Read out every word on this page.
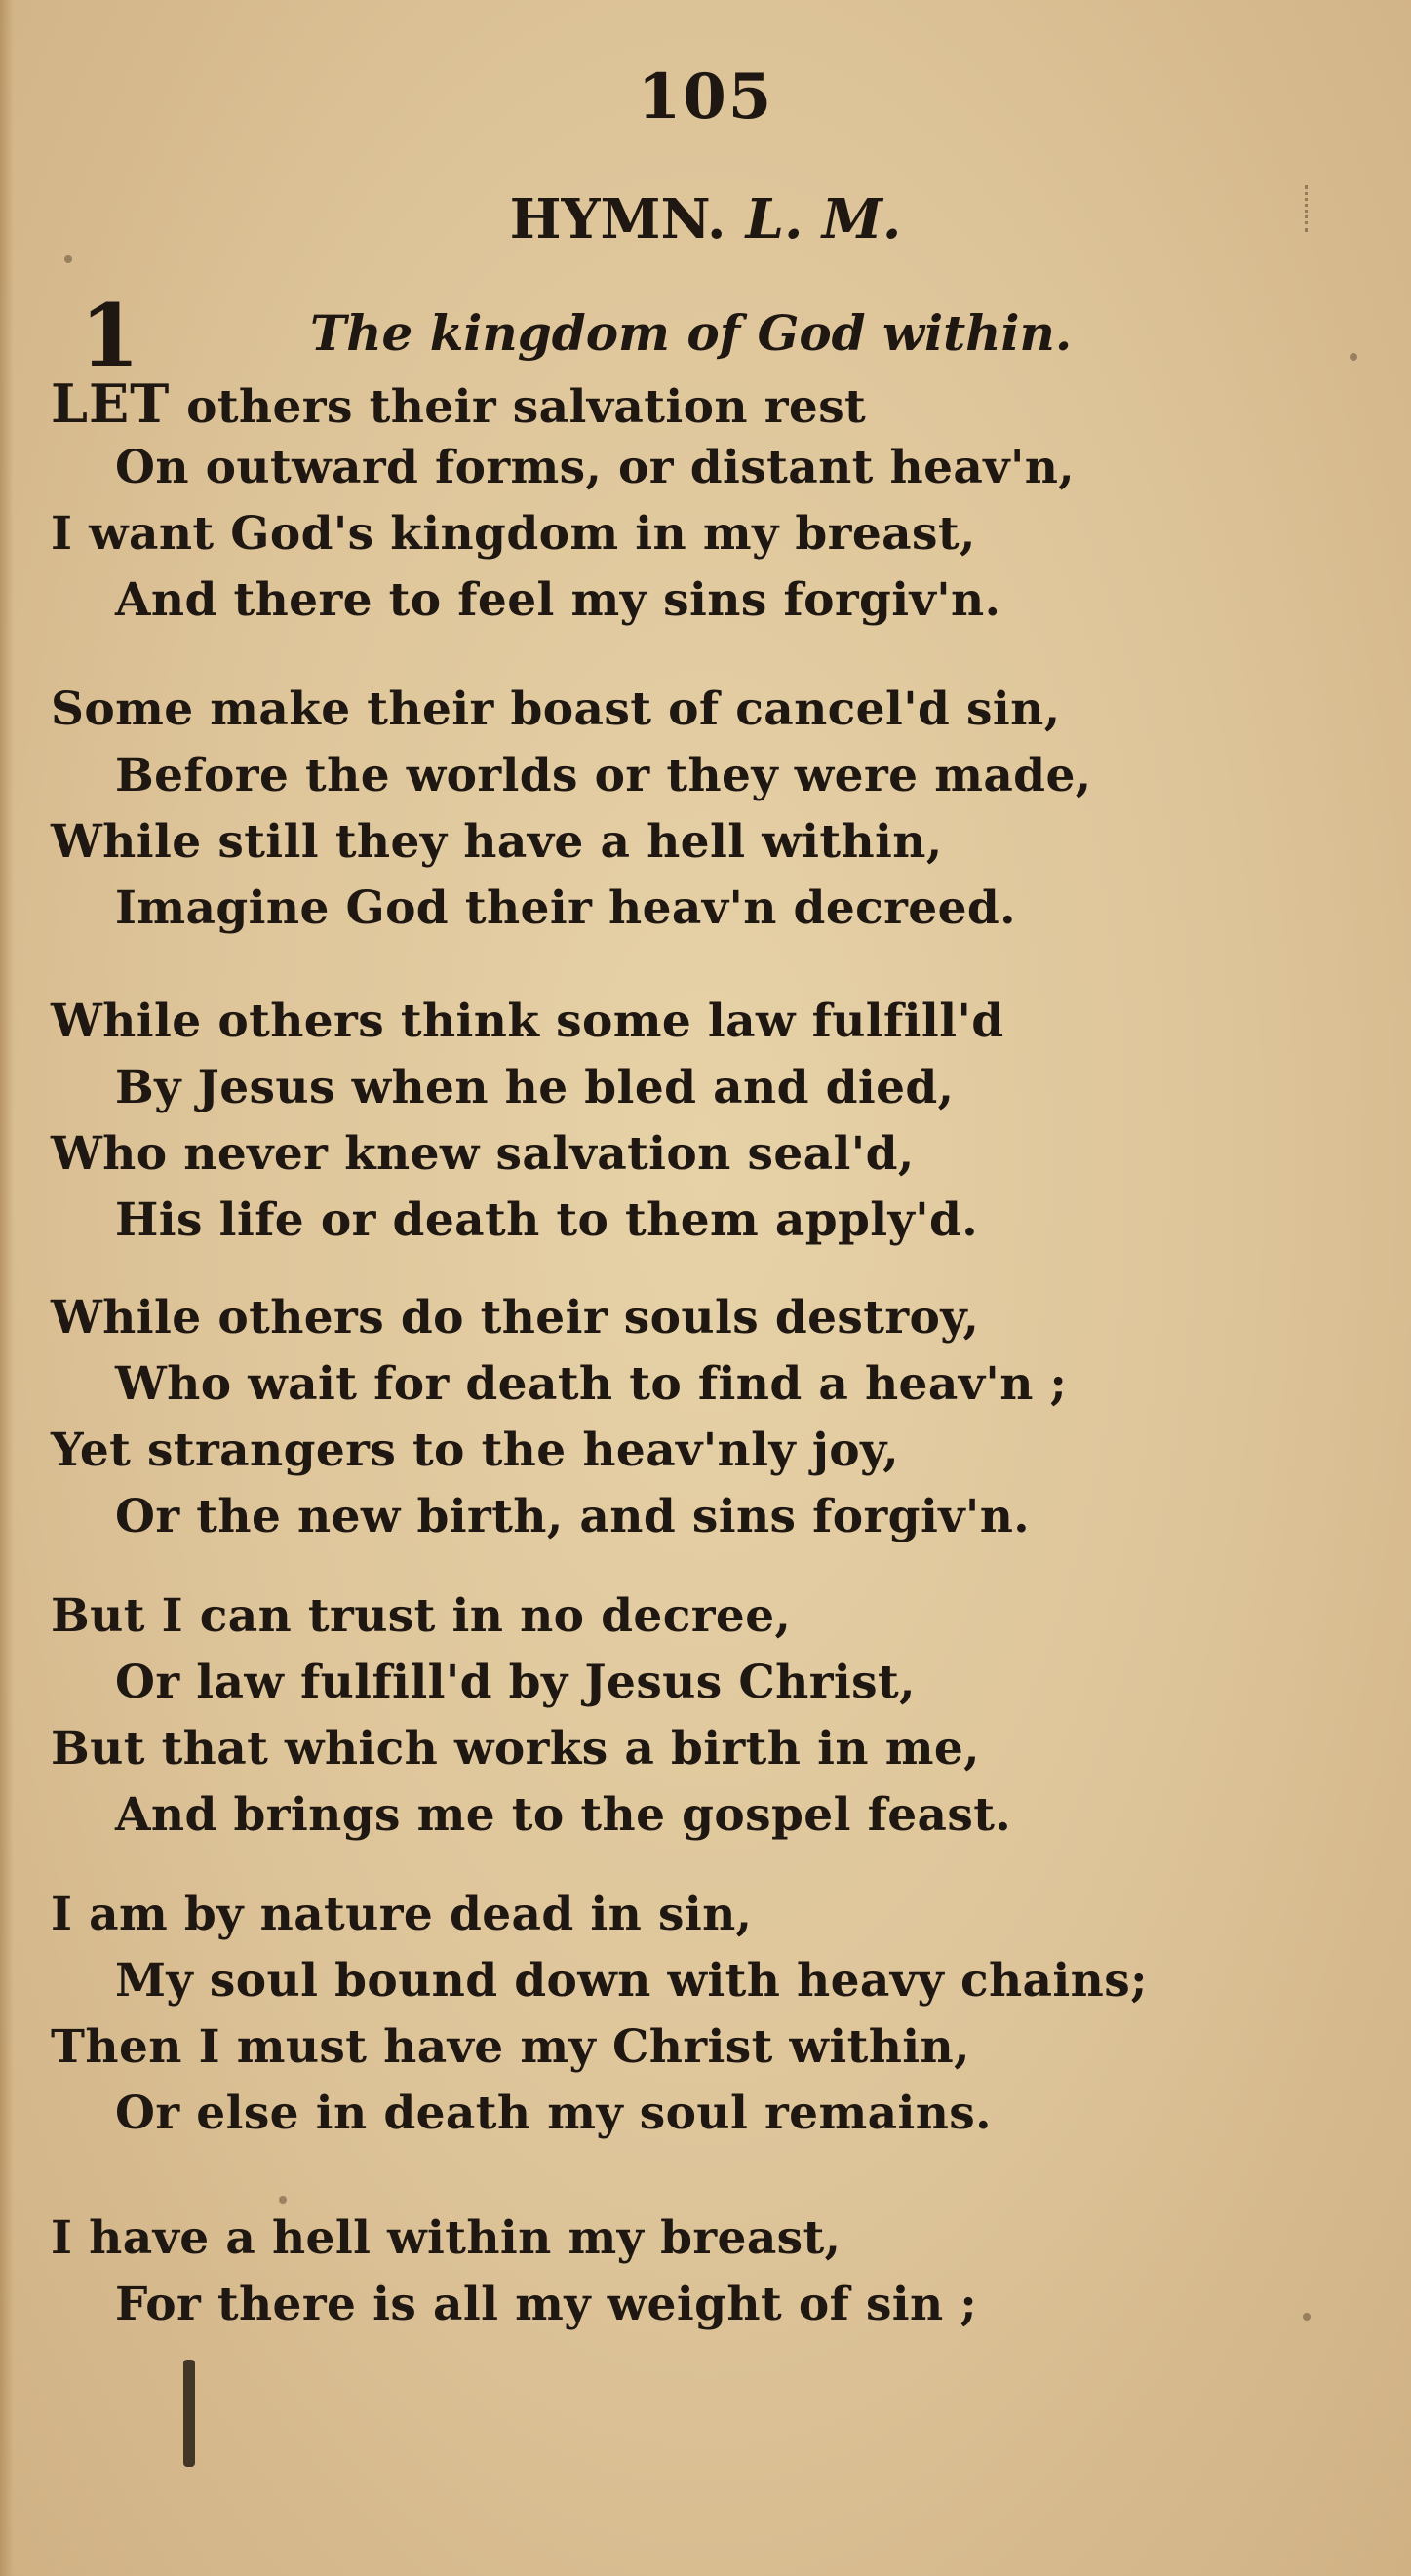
105
HYMN. L. M.
1	The kingdom of God within.
LET others their salvation rest
On outward forms, or distant heav'n,
I want God's kingdom in my breast,
And there to feel my sins forgiv'n.
Some make their boast of cancel'd sin,
Before the worlds or they were made,
While still they have a hell within,
Imagine God their heav'n decreed.
While others think some law fulfill'd
By Jesus when he bled and died,
Who never knew salvation seal'd,
His life or death to them apply'd.
While others do their souls destroy,
Who wait for death to find a heav'n ;
Yet strangers to the heav'nly joy,
Or the new birth, and sins forgiv'n.
But I can trust in no decree,
Or law fulfill'd by Jesus Christ,
But that which works a birth in me,
And brings me to the gospel feast.
I am by nature dead in sin,
My soul bound down with heavy chains;
Then I must have my Christ within,
Or else in death my soul remains.
I have a hell within my breast,
For there is all my weight of sin ;
